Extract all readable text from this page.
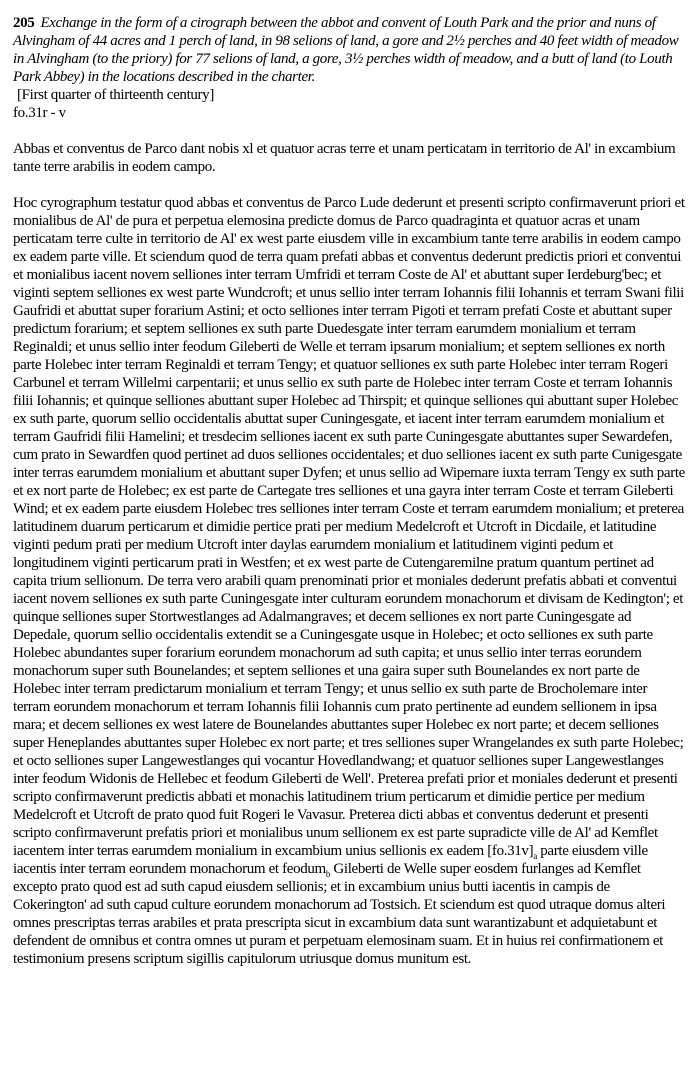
205 Exchange in the form of a cirograph between the abbot and convent of Louth Park and the prior and nuns of Alvingham of 44 acres and 1 perch of land, in 98 selions of land, a gore and 2½ perches and 40 feet width of meadow in Alvingham (to the priory) for 77 selions of land, a gore, 3½ perches width of meadow, and a butt of land (to Louth Park Abbey) in the locations described in the charter.

[First quarter of thirteenth century]

fo.31r - v

Abbas et conventus de Parco dant nobis xl et quatuor acras terre et unam perticatam in territorio de Al' in excambium tante terre arabilis in eodem campo.

Hoc cyrographum testatur quod abbas et conventus de Parco Lude dederunt et presenti scripto confirmaverunt priori et monialibus de Al' de pura et perpetua elemosina predicte domus de Parco quadraginta et quatuor acras et unam perticatam terre culte in territorio de Al' ex west parte eiusdem ville in excambium tante terre arabilis in eodem campo ex eadem parte ville. Et sciendum quod de terra quam prefati abbas et conventus dederunt predictis priori et conventui et monialibus iacent novem selliones inter terram Umfridi et terram Coste de Al' et abuttant super Ierdeburg'bec; et viginti septem selliones ex west parte Wundcroft; et unus sellio inter terram Iohannis filii Iohannis et terram Swani filii Gaufridi et abuttat super forarium Astini; et octo selliones inter terram Pigoti et terram prefati Coste et abuttant super predictum forarium; et septem selliones ex suth parte Duedesgate inter terram earumdem monialium et terram Reginaldi; et unus sellio inter feodum Gileberti de Welle et terram ipsarum monialium; et septem selliones ex north parte Holebec inter terram Reginaldi et terram Tengy; et quatuor selliones ex suth parte Holebec inter terram Rogeri Carbunel et terram Willelmi carpentarii; et unus sellio ex suth parte de Holebec inter terram Coste et terram Iohannis filii Iohannis; et quinque selliones abuttant super Holebec ad Thirspit; et quinque selliones qui abuttant super Holebec ex suth parte, quorum sellio occidentalis abuttat super Cuningesgate, et iacent inter terram earumdem monialium et terram Gaufridi filii Hamelini; et tresdecim selliones iacent ex suth parte Cuningesgate abuttantes super Sewardefen, cum prato in Sewardfen quod pertinet ad duos selliones occidentales; et duo selliones iacent ex suth parte Cunigesgate inter terras earumdem monialium et abuttant super Dyfen; et unus sellio ad Wipemare iuxta terram Tengy ex suth parte et ex nort parte de Holebec; ex est parte de Cartegate tres selliones et una gayra inter terram Coste et terram Gileberti Wind; et ex eadem parte eiusdem Holebec tres selliones inter terram Coste et terram earumdem monialium; et preterea latitudinem duarum perticarum et dimidie pertice prati per medium Medelcroft et Utcroft in Dicdaile, et latitudine viginti pedum prati per medium Utcroft inter daylas earumdem monialium et latitudinem viginti pedum et longitudinem viginti perticarum prati in Westfen; et ex west parte de Cutengaremilne pratum quantum pertinet ad capita trium sellionum. De terra vero arabili quam prenominati prior et moniales dederunt prefatis abbati et conventui iacent novem selliones ex suth parte Cuningesgate inter culturam eorundem monachorum et divisam de Kedington'; et quinque selliones super Stortwestlanges ad Adalmangraves; et decem selliones ex nort parte Cuningesgate ad Depedale, quorum sellio occidentalis extendit se a Cuningesgate usque in Holebec; et octo selliones ex suth parte Holebec abundantes super forarium eorundem monachorum ad suth capita; et unus sellio inter terras eorundem monachorum super suth Bounelandes; et septem selliones et una gaira super suth Bounelandes ex nort parte de Holebec inter terram predictarum monialium et terram Tengy; et unus sellio ex suth parte de Brocholemare inter terram eorundem monachorum et terram Iohannis filii Iohannis cum prato pertinente ad eundem sellionem in ipsa mara; et decem selliones ex west latere de Bounelandes abuttantes super Holebec ex nort parte; et decem selliones super Heneplandes abuttantes super Holebec ex nort parte; et tres selliones super Wrangelandes ex suth parte Holebec; et octo selliones super Langewestlanges qui vocantur Hovedlandwang; et quatuor selliones super Langewestlanges inter feodum Widonis de Hellebec et feodum Gileberti de Well'. Preterea prefati prior et moniales dederunt et presenti scripto confirmaverunt predictis abbati et monachis latitudinem trium perticarum et dimidie pertice per medium Medelcroft et Utcroft de prato quod fuit Rogeri le Vavasur. Preterea dicti abbas et conventus dederunt et presenti scripto confirmaverunt prefatis priori et monialibus unum sellionem ex est parte supradicte ville de Al' ad Kemflet iacentem inter terras earumdem monialium in excambium unius sellionis ex eadem $[fo.31v]_a$ parte eiusdem ville iacentis inter terram eorundem monachorum et feodum$_b$ Gileberti de Welle super eosdem furlanges ad Kemflet excepto prato quod est ad suth capud eiusdem sellionis; et in excambium unius butti iacentis in campis de Cokerington' ad suth capud culture eorundem monachorum ad Tostsich. Et sciendum est quod utraque domus alteri omnes prescriptas terras arabiles et prata prescripta sicut in excambium data sunt warantizabunt et adquietabunt et defendent de omnibus et contra omnes ut puram et perpetuam elemosinam suam. Et in huius rei confirmationem et testimonium presens scriptum sigillis capitulorum utriusque domus munitum est.
